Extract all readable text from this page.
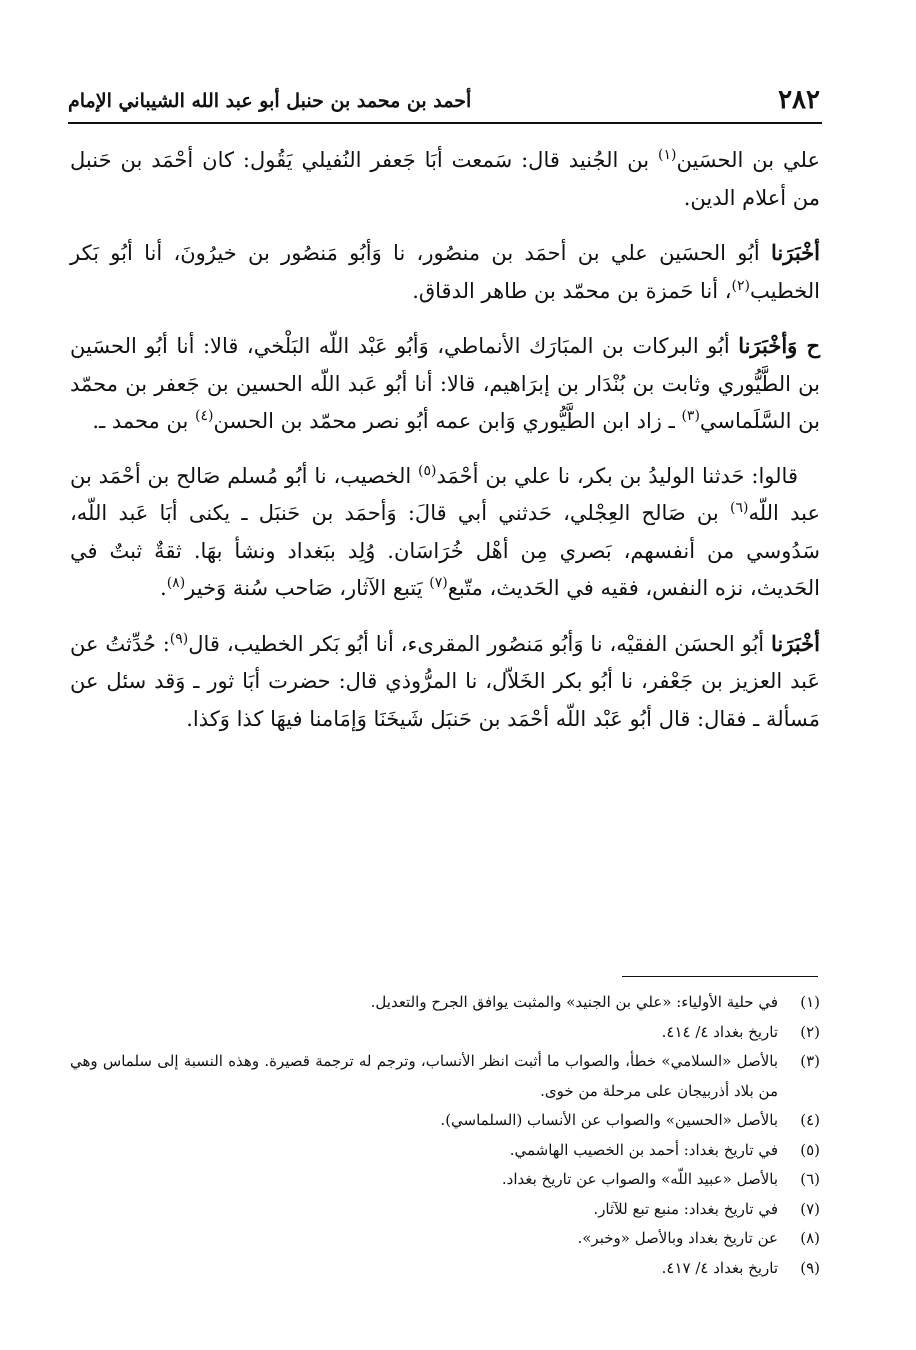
٢٨٢
أحمد بن محمد بن حنبل أبو عبد الله الشيباني الإمام

علي بن الحسَين$^{(١)}$ بن الجُنيد قال: سَمعت أبَا جَعفر النُفيلي يَقُول: كان أحْمَد بن حَنبل من أعلام الدين.

أخْبَرَنا أبُو الحسَين علي بن أحمَد بن منصُور، نا وَأبُو مَنصُور بن خيرُونَ، أنا أبُو بَكر الخطيب$^{(٢)}$، أنا حَمزة بن محمّد بن طاهر الدقاق.

ح وَأخْبَرَنا أبُو البركات بن المبَارَك الأنماطي، وَأبُو عَبْد اللّه البَلْخي، قالا: أنا أبُو الحسَين بن الطَّيُّوري وثابت بن بُنْدَار بن إبرَاهيم، قالا: أنا أبُو عَبد اللّه الحسين بن جَعفر بن محمّد بن السَّلَماسي$^{(٣)}$ ـ زاد ابن الطَّيُّوري وَابن عمه أبُو نصر محمّد بن الحسن$^{(٤)}$ بن محمد ـ.

قالوا: حَدثنا الوليدُ بن بكر، نا علي بن أحْمَد$^{(٥)}$ الخصيب، نا أبُو مُسلم صَالح بن أحْمَد بن عبد اللّه$^{(٦)}$ بن صَالح العِجْلي، حَدثني أبي قالَ: وَأحمَد بن حَنبَل ـ يكنى أبَا عَبد اللّه، سَدُوسي من أنفسهم، بَصري مِن أهْل خُرَاسَان. وُلِد ببَغداد ونشأ بهَا. ثقةٌ ثبتٌ في الحَديث، نزه النفس، فقيه في الحَديث، متّبع$^{(٧)}$ يَتبع الآثار، صَاحب سُنة وَخير$^{(٨)}$.

أخْبَرَنا أبُو الحسَن الفقيْه، نا وَأبُو مَنصُور المقرىء، أنا أبُو بَكر الخطيب، قال$^{(٩)}$: حُدِّثتُ عن عَبد العزيز بن جَعْفر، نا أبُو بكر الخَلاّل، نا المرُّوذي قال: حضرت أبَا ثور ـ وَقد سئل عن مَسألة ـ فقال: قال أبُو عَبْد اللّه أحْمَد بن حَنبَل شَيخَنَا وَإمَامنا فيهَا كذا وَكذا.

(١)
في حلية الأولياء: «علي بن الجنيد» والمثبت يوافق الجرح والتعديل.
(٢)
تاريخ بغداد ٤/ ٤١٤.
(٣)
بالأصل «السلامي» خطأ، والصواب ما أثبت انظر الأنساب، وترجم له ترجمة قصيرة. وهذه النسبة إلى سلماس وهي من بلاد أذربيجان على مرحلة من خوى.
(٤)
بالأصل «الحسين» والصواب عن الأنساب (السلماسي).
(٥)
في تاريخ بغداد: أحمد بن الخصيب الهاشمي.
(٦)
بالأصل «عبيد اللّه» والصواب عن تاريخ بغداد.
(٧)
في تاريخ بغداد: منبع تبع للآثار.
(٨)
عن تاريخ بغداد وبالأصل «وخبر».
(٩)
تاريخ بغداد ٤/ ٤١٧.
